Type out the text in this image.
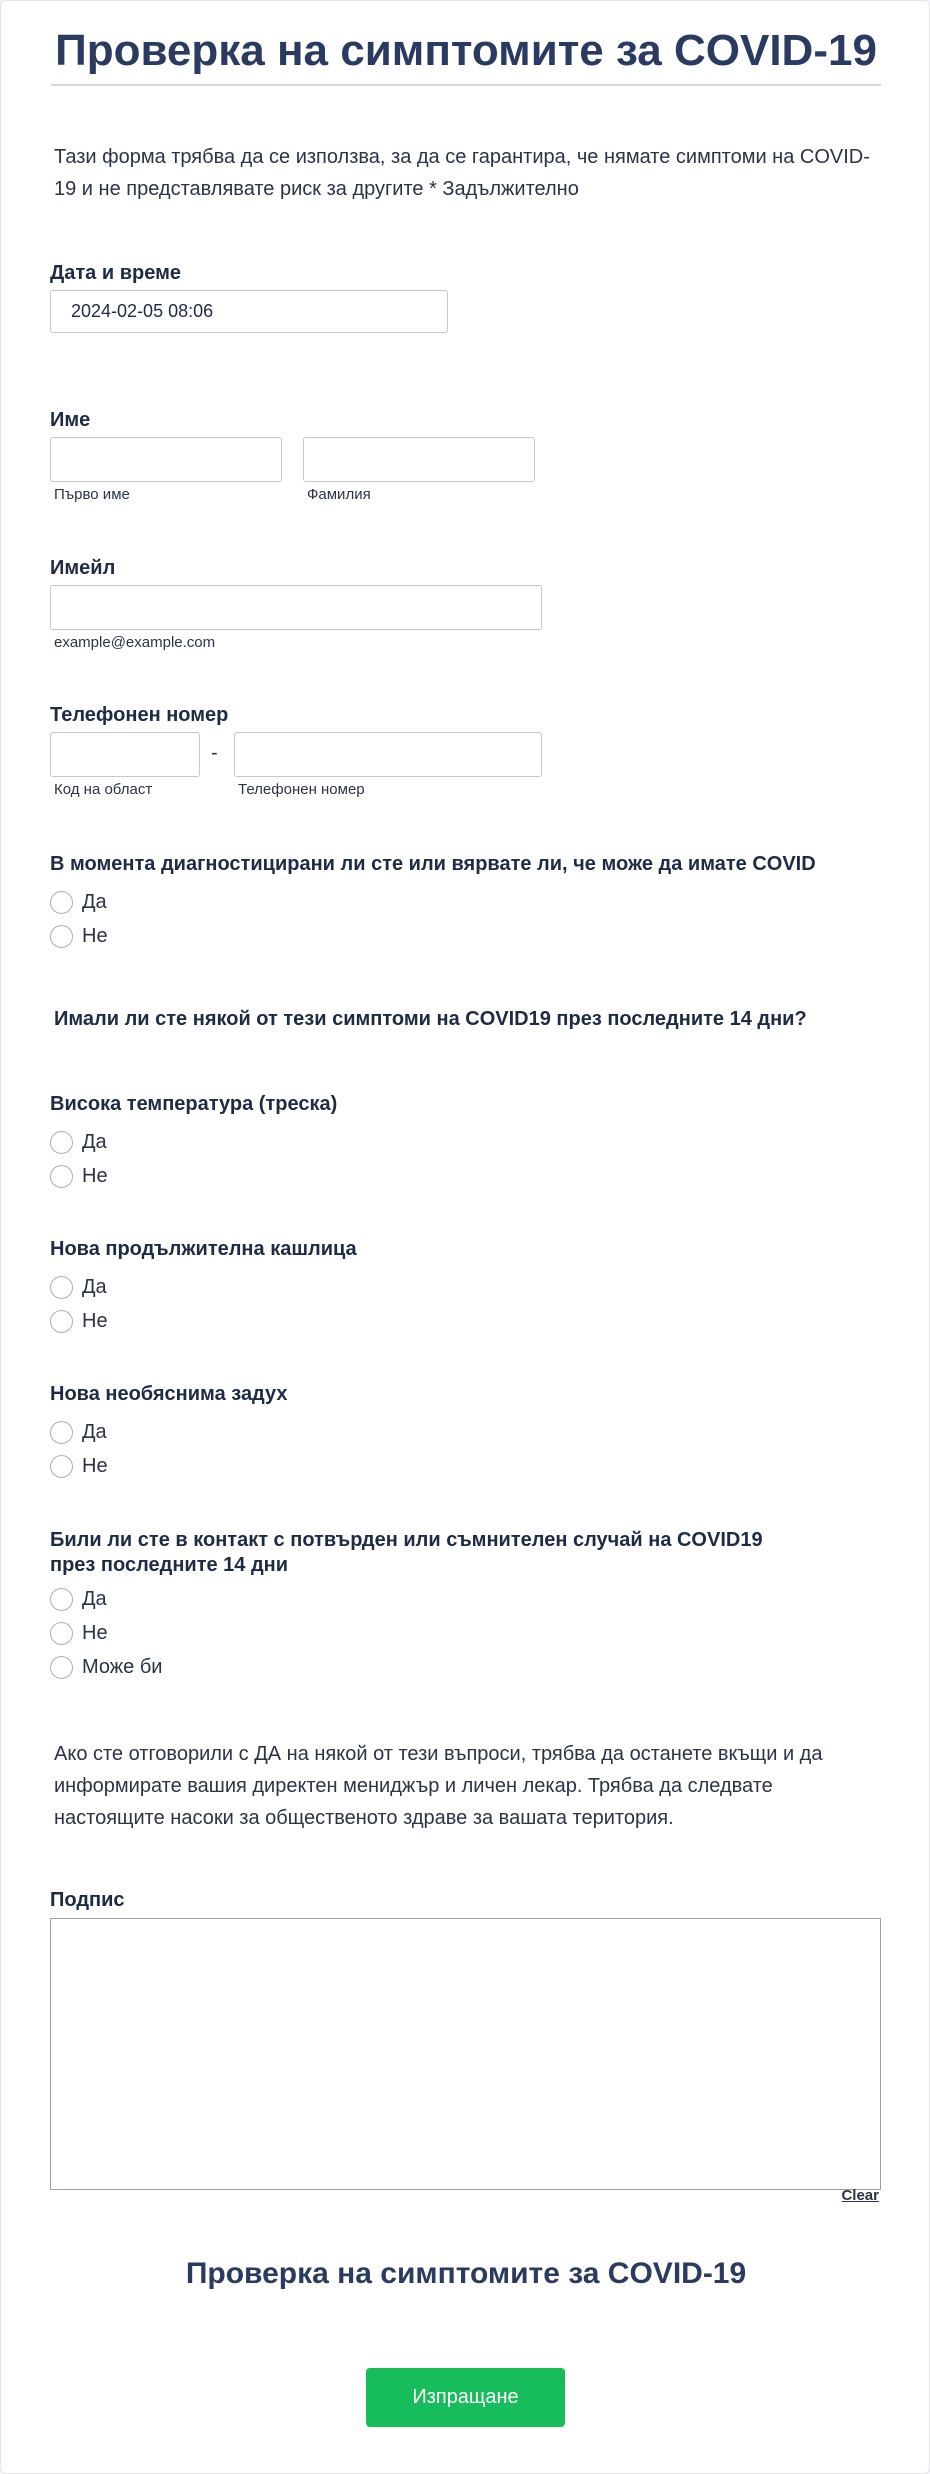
Проверка на симптомите за COVID-19

Тази форма трябва да се използва, за да се гарантира, че нямате симптоми на COVID-19 и не представлявате риск за другите * Задължително

Дата и време
2024-02-05 08:06
Име
Първо име	Фамилия
Имейл
example@example.com
Телефонен номер
-
Код на област	Телефонен номер
В момента диагностицирани ли сте или вярвате ли, че може да имате COVID
Да
Не
Имали ли сте някой от тези симптоми на COVID19 през последните 14 дни?
Висока температура (треска)
Да
Не
Нова продължителна кашлица
Да
Не
Нова необяснима задух
Да
Не
Били ли сте в контакт с потвърден или съмнителен случай на COVID19 през последните 14 дни
Да
Не
Може би

Ако сте отговорили с ДА на някой от тези въпроси, трябва да останете вкъщи и да информирате вашия директен мениджър и личен лекар. Трябва да следвате настоящите насоки за общественото здраве за вашата територия.

Подпис
Clear
Проверка на симптомите за COVID-19
Изпращане
